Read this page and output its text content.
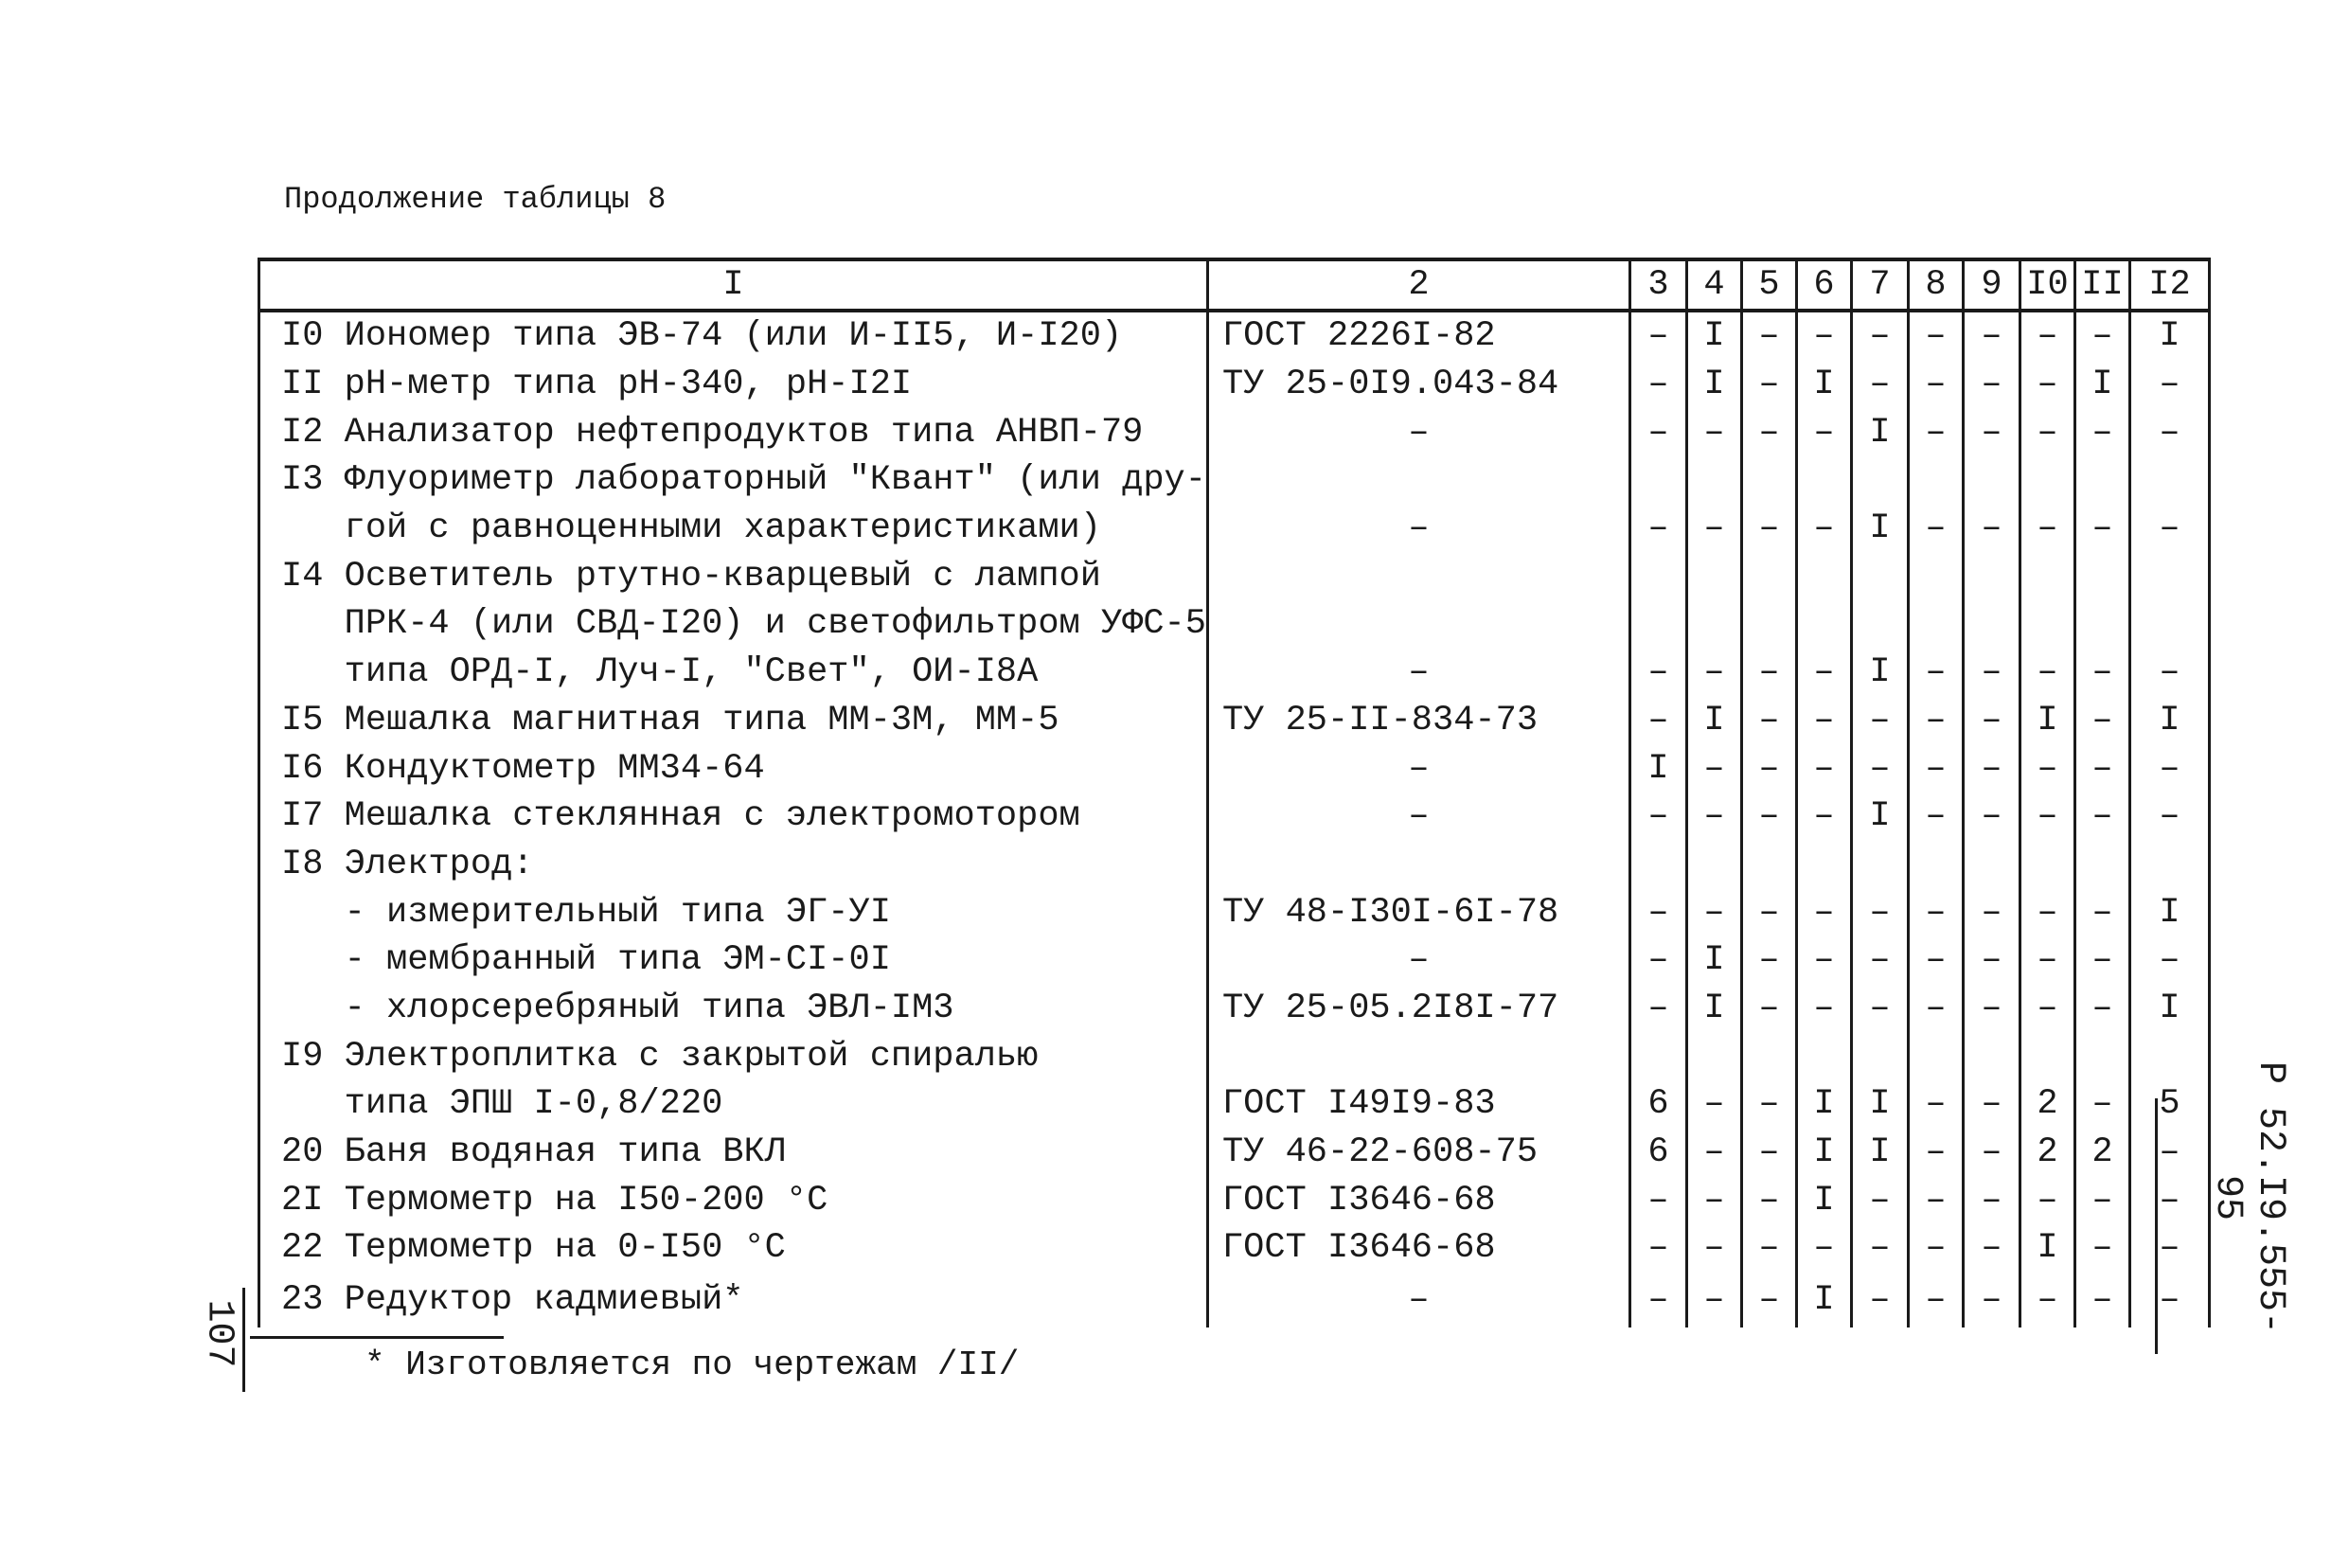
Продолжение таблицы 8
I	2	3	4	5	6	7	8	9	I0	II	I2
I0 Иономер типа ЭВ-74 (или И-II5, И-I20)	ГОСТ 2226I-82	–	I	–	–	–	–	–	–	–	I
II рН-метр типа рН-340, рН-I2I	ТУ 25-0I9.043-84	–	I	–	I	–	–	–	–	I	–
I2 Анализатор нефтепродуктов типа АНВП-79	–	–	–	–	–	I	–	–	–	–	–
I3 Флуориметр лабораторный "Квант" (или дру-											
гой с равноценными характеристиками)	–	–	–	–	–	I	–	–	–	–	–
I4 Осветитель ртутно-кварцевый с лампой											
ПРК-4 (или СВД-I20) и светофильтром УФС-5											
типа ОРД-I, Луч-I, "Свет", ОИ-I8А	–	–	–	–	–	I	–	–	–	–	–
I5 Мешалка магнитная типа ММ-3М, ММ-5	ТУ 25-II-834-73	–	I	–	–	–	–	–	I	–	I
I6 Кондуктометр ММ34-64	–	I	–	–	–	–	–	–	–	–	–
I7 Мешалка стеклянная с электромотором	–	–	–	–	–	I	–	–	–	–	–
I8 Электрод:											
- измерительный типа ЭГ-УI	ТУ 48-I30I-6I-78	–	–	–	–	–	–	–	–	–	I
- мембранный типа ЭМ-CI-0I	–	–	I	–	–	–	–	–	–	–	–
- хлорсеребряный типа ЭВЛ-IМ3	ТУ 25-05.2I8I-77	–	I	–	–	–	–	–	–	–	I
I9 Электроплитка с закрытой спиралью											
типа ЭПШ I-0,8/220	ГОСТ I49I9-83	6	–	–	I	I	–	–	2	–	5
20 Баня водяная типа ВКЛ	ТУ 46-22-608-75	6	–	–	I	I	–	–	2	2	–
2I Термометр на I50-200 °С	ГОСТ I3646-68	–	–	–	I	–	–	–	–	–	–
22 Термометр на 0-I50 °С	ГОСТ I3646-68	–	–	–	–	–	–	–	I	–	–
23 Редуктор кадмиевый*	–	–	–	–	I	–	–	–	–	–	–
* Изготовляется по чертежам /II/
107	Р 52.I9.555-95
